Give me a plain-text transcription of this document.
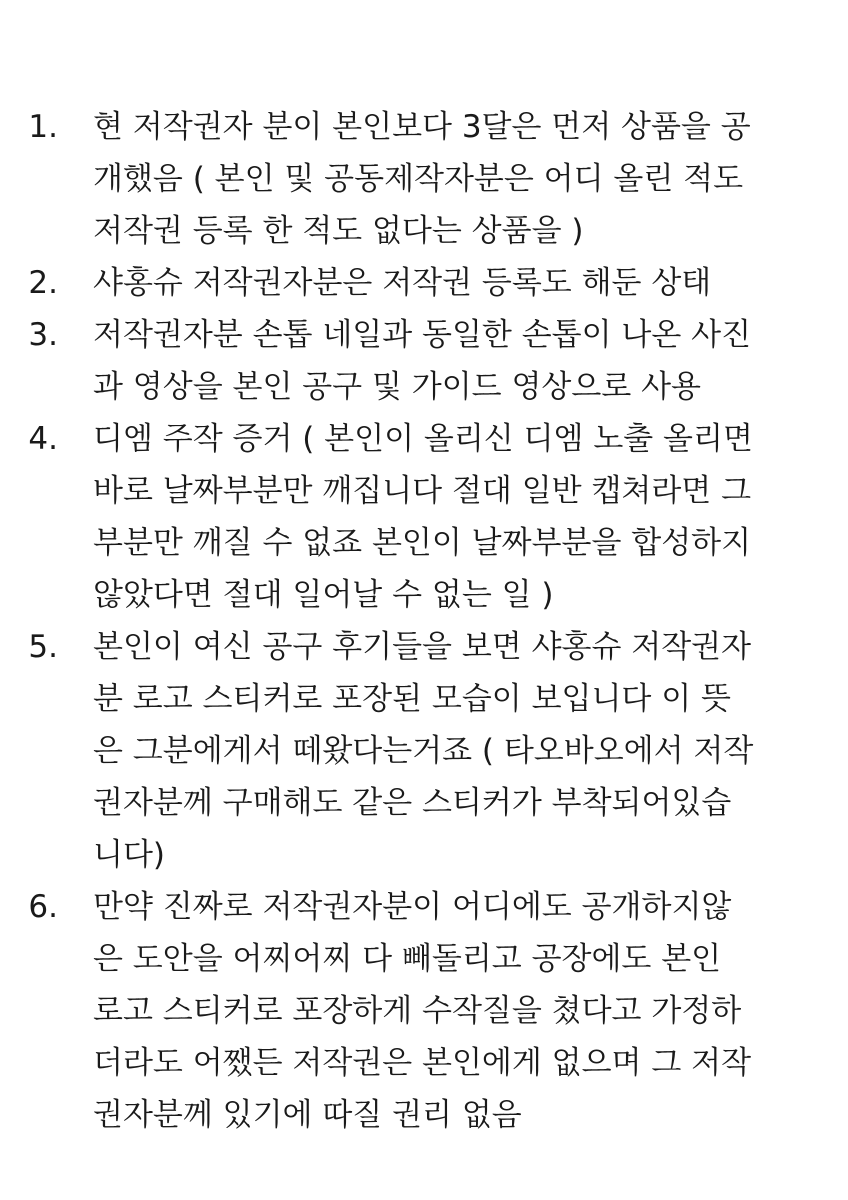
1. 현 저작권자 분이 본인보다 3달은 먼저 상품을 공
개했음 ( 본인 및 공동제작자분은 어디 올린 적도
저작권 등록 한 적도 없다는 상품을 )
2. 샤홍슈 저작권자분은 저작권 등록도 해둔 상태
3. 저작권자분 손톱 네일과 동일한 손톱이 나온 사진
과 영상을 본인 공구 및 가이드 영상으로 사용
4. 디엠 주작 증거 ( 본인이 올리신 디엠 노출 올리면
바로 날짜부분만 깨집니다 절대 일반 캡쳐라면 그
부분만 깨질 수 없죠 본인이 날짜부분을 합성하지
않았다면 절대 일어날 수 없는 일 )
5. 본인이 여신 공구 후기들을 보면 샤홍슈 저작권자
분 로고 스티커로 포장된 모습이 보입니다 이 뜻
은 그분에게서 떼왔다는거죠 ( 타오바오에서 저작
권자분께 구매해도 같은 스티커가 부착되어있습
니다)
6. 만약 진짜로 저작권자분이 어디에도 공개하지않
은 도안을 어찌어찌 다 빼돌리고 공장에도 본인
로고 스티커로 포장하게 수작질을 쳤다고 가정하
더라도 어쨌든 저작권은 본인에게 없으며 그 저작
권자분께 있기에 따질 권리 없음
